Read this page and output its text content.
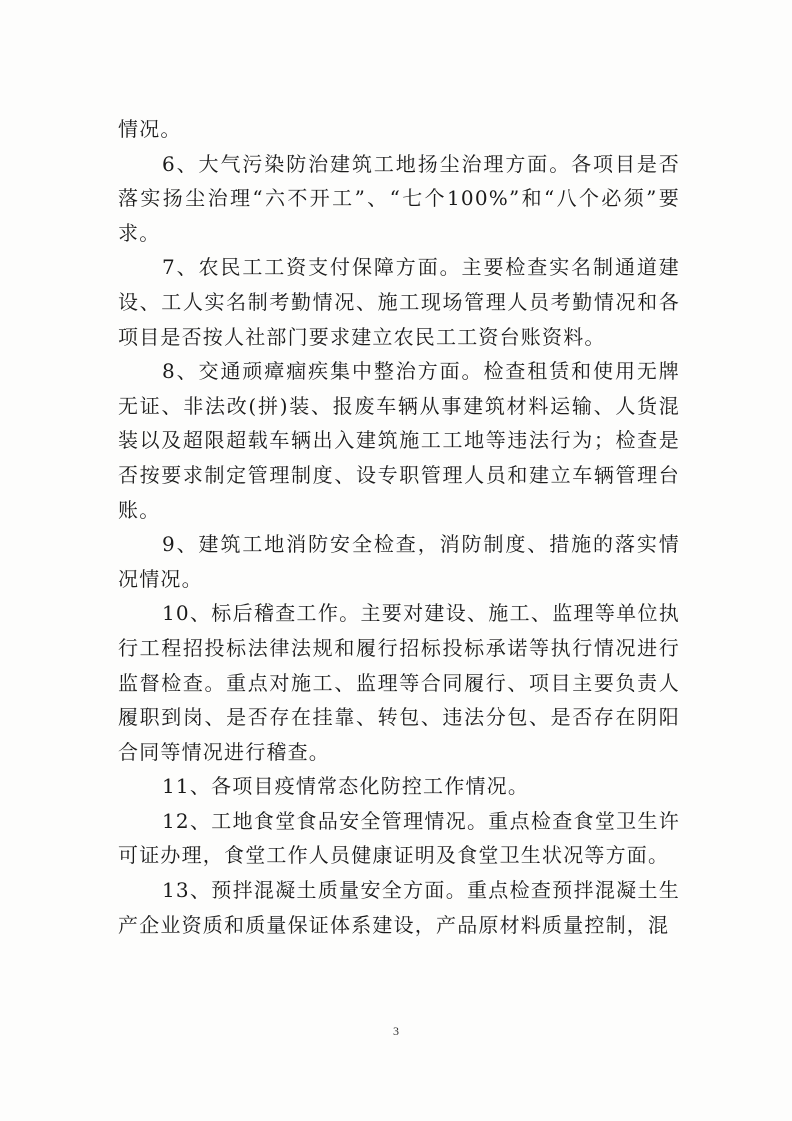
情况。

6、大气污染防治建筑工地扬尘治理方面。各项目是否落实扬尘治理“六不开工”、“七个100%”和“八个必须”要求。

7、农民工工资支付保障方面。主要检查实名制通道建设、工人实名制考勤情况、施工现场管理人员考勤情况和各项目是否按人社部门要求建立农民工工资台账资料。

8、交通顽瘴痼疾集中整治方面。检查租赁和使用无牌无证、非法改(拼)装、报废车辆从事建筑材料运输、人货混装以及超限超载车辆出入建筑施工工地等违法行为；检查是否按要求制定管理制度、设专职管理人员和建立车辆管理台账。

9、建筑工地消防安全检查，消防制度、措施的落实情况情况。

10、标后稽查工作。主要对建设、施工、监理等单位执行工程招投标法律法规和履行招标投标承诺等执行情况进行监督检查。重点对施工、监理等合同履行、项目主要负责人履职到岗、是否存在挂靠、转包、违法分包、是否存在阴阳合同等情况进行稽查。

11、各项目疫情常态化防控工作情况。

12、工地食堂食品安全管理情况。重点检查食堂卫生许可证办理，食堂工作人员健康证明及食堂卫生状况等方面。

13、预拌混凝土质量安全方面。重点检查预拌混凝土生产企业资质和质量保证体系建设，产品原材料质量控制，混

3
